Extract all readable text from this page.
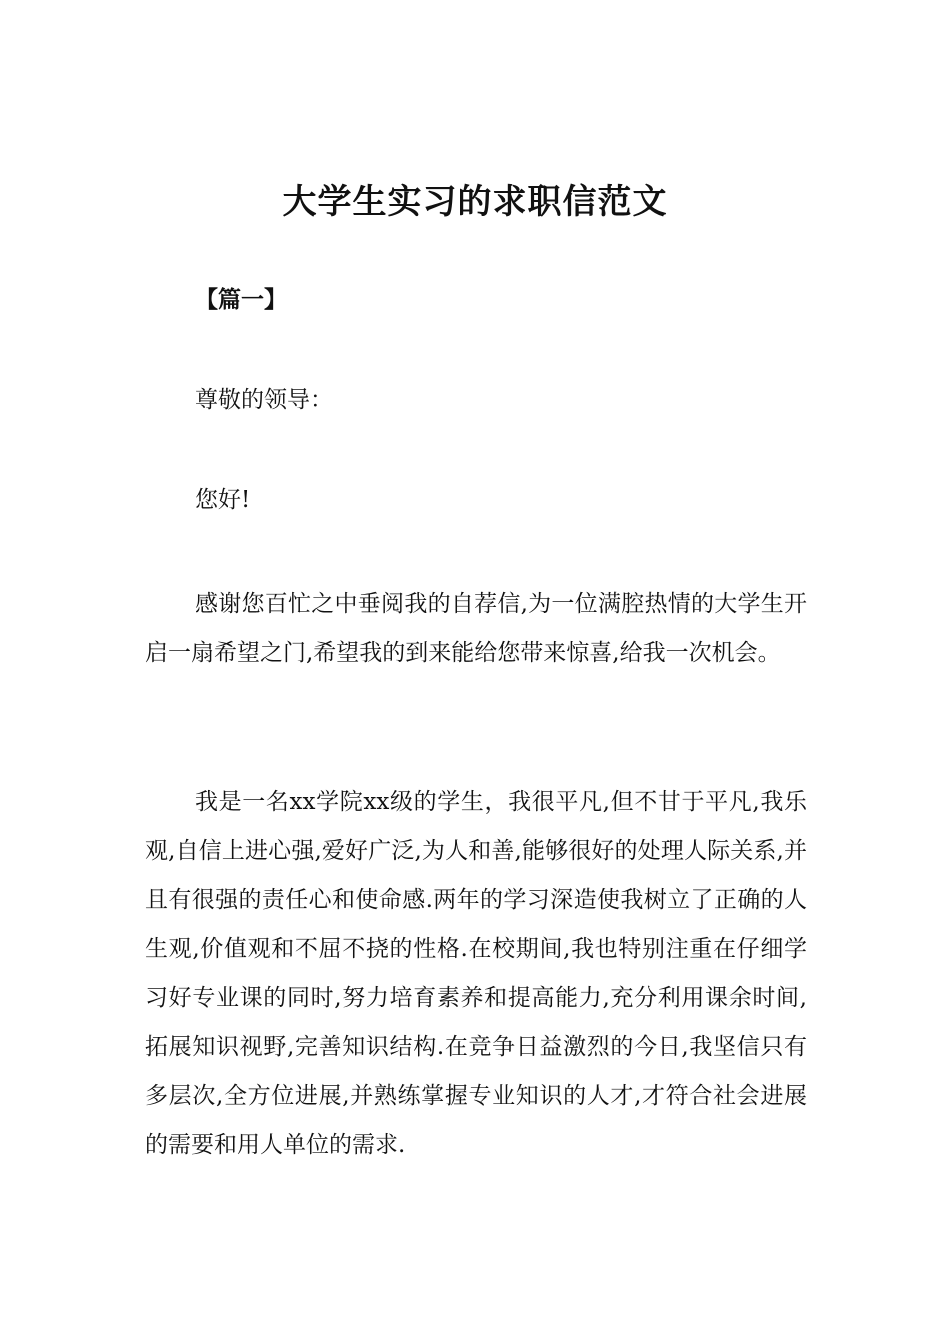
大学生实习的求职信范文
【篇一】
尊敬的领导：
您好!

感谢您百忙之中垂阅我的自荐信,为一位满腔热情的大学生开启一扇希望之门,希望我的到来能给您带来惊喜,给我一次机会。

我是一名xx学院xx级的学生，我很平凡,但不甘于平凡,我乐观,自信上进心强,爱好广泛,为人和善,能够很好的处理人际关系,并且有很强的责任心和使命感.两年的学习深造使我树立了正确的人生观,价值观和不屈不挠的性格.在校期间,我也特别注重在仔细学习好专业课的同时,努力培育素养和提高能力,充分利用课余时间,拓展知识视野,完善知识结构.在竞争日益激烈的今日,我坚信只有多层次,全方位进展,并熟练掌握专业知识的人才,才符合社会进展的需要和用人单位的需求.
